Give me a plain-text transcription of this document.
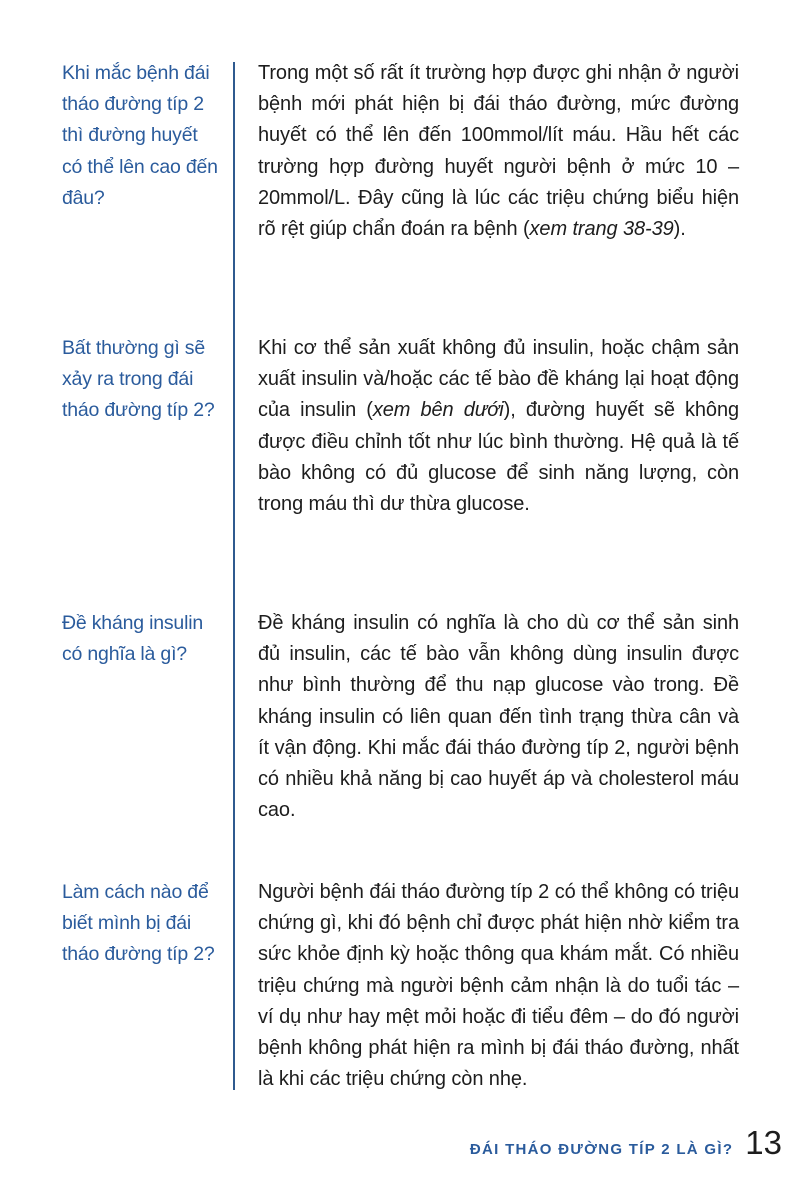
Khi mắc bệnh đái tháo đường típ 2 thì đường huyết có thể lên cao đến đâu?
Trong một số rất ít trường hợp được ghi nhận ở người bệnh mới phát hiện bị đái tháo đường, mức đường huyết có thể lên đến 100mmol/lít máu. Hầu hết các trường hợp đường huyết người bệnh ở mức 10 – 20mmol/L. Đây cũng là lúc các triệu chứng biểu hiện rõ rệt giúp chẩn đoán ra bệnh (xem trang 38-39).
Bất thường gì sẽ xảy ra trong đái tháo đường típ 2?
Khi cơ thể sản xuất không đủ insulin, hoặc chậm sản xuất insulin và/hoặc các tế bào đề kháng lại hoạt động của insulin (xem bên dưới), đường huyết sẽ không được điều chỉnh tốt như lúc bình thường. Hệ quả là tế bào không có đủ glucose để sinh năng lượng, còn trong máu thì dư thừa glucose.
Đề kháng insulin có nghĩa là gì?
Đề kháng insulin có nghĩa là cho dù cơ thể sản sinh đủ insulin, các tế bào vẫn không dùng insulin được như bình thường để thu nạp glucose vào trong. Đề kháng insulin có liên quan đến tình trạng thừa cân và ít vận động. Khi mắc đái tháo đường típ 2, người bệnh có nhiều khả năng bị cao huyết áp và cholesterol máu cao.
Làm cách nào để biết mình bị đái tháo đường típ 2?
Người bệnh đái tháo đường típ 2 có thể không có triệu chứng gì, khi đó bệnh chỉ được phát hiện nhờ kiểm tra sức khỏe định kỳ hoặc thông qua khám mắt. Có nhiều triệu chứng mà người bệnh cảm nhận là do tuổi tác – ví dụ như hay mệt mỏi hoặc đi tiểu đêm – do đó người bệnh không phát hiện ra mình bị đái tháo đường, nhất là khi các triệu chứng còn nhẹ.
ĐÁI THÁO ĐƯỜNG TÍP 2 LÀ GÌ? 13
